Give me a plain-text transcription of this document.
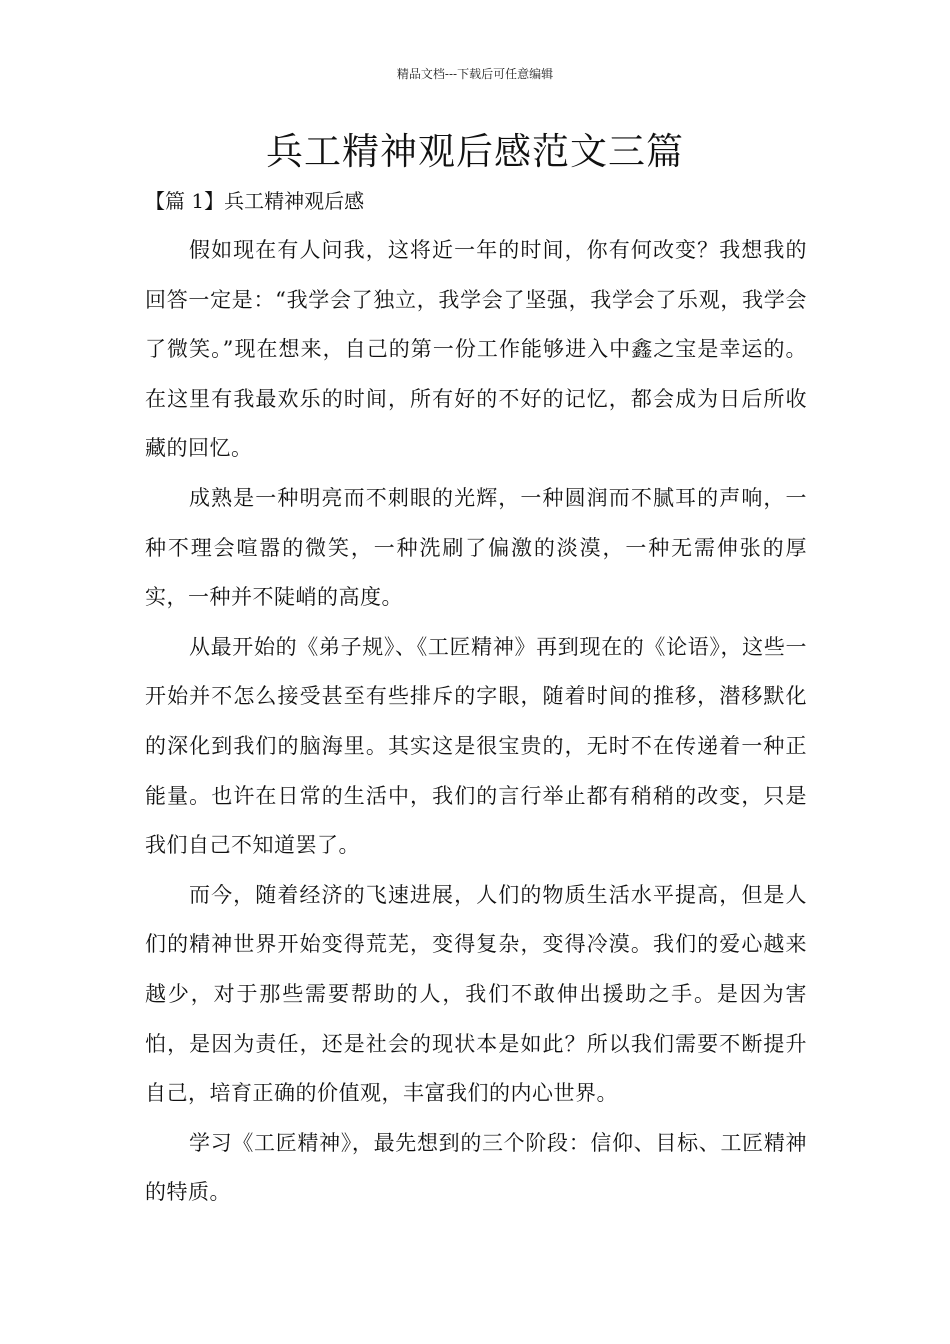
精品文档---下载后可任意编辑
兵工精神观后感范文三篇
【篇 1】兵工精神观后感

假如现在有人问我，这将近一年的时间，你有何改变？我想我的回答一定是：“我学会了独立，我学会了坚强，我学会了乐观，我学会了微笑。”现在想来，自己的第一份工作能够进入中鑫之宝是幸运的。在这里有我最欢乐的时间，所有好的不好的记忆，都会成为日后所收藏的回忆。

成熟是一种明亮而不刺眼的光辉，一种圆润而不腻耳的声响，一种不理会喧嚣的微笑，一种洗刷了偏激的淡漠，一种无需伸张的厚实，一种并不陡峭的高度。

从最开始的《弟子规》、《工匠精神》再到现在的《论语》，这些一开始并不怎么接受甚至有些排斥的字眼，随着时间的推移，潜移默化的深化到我们的脑海里。其实这是很宝贵的，无时不在传递着一种正能量。也许在日常的生活中，我们的言行举止都有稍稍的改变，只是我们自己不知道罢了。

而今，随着经济的飞速进展，人们的物质生活水平提高，但是人们的精神世界开始变得荒芜，变得复杂，变得冷漠。我们的爱心越来越少，对于那些需要帮助的人，我们不敢伸出援助之手。是因为害怕，是因为责任，还是社会的现状本是如此？所以我们需要不断提升自己，培育正确的价值观，丰富我们的内心世界。

学习《工匠精神》，最先想到的三个阶段：信仰、目标、工匠精神的特质。
